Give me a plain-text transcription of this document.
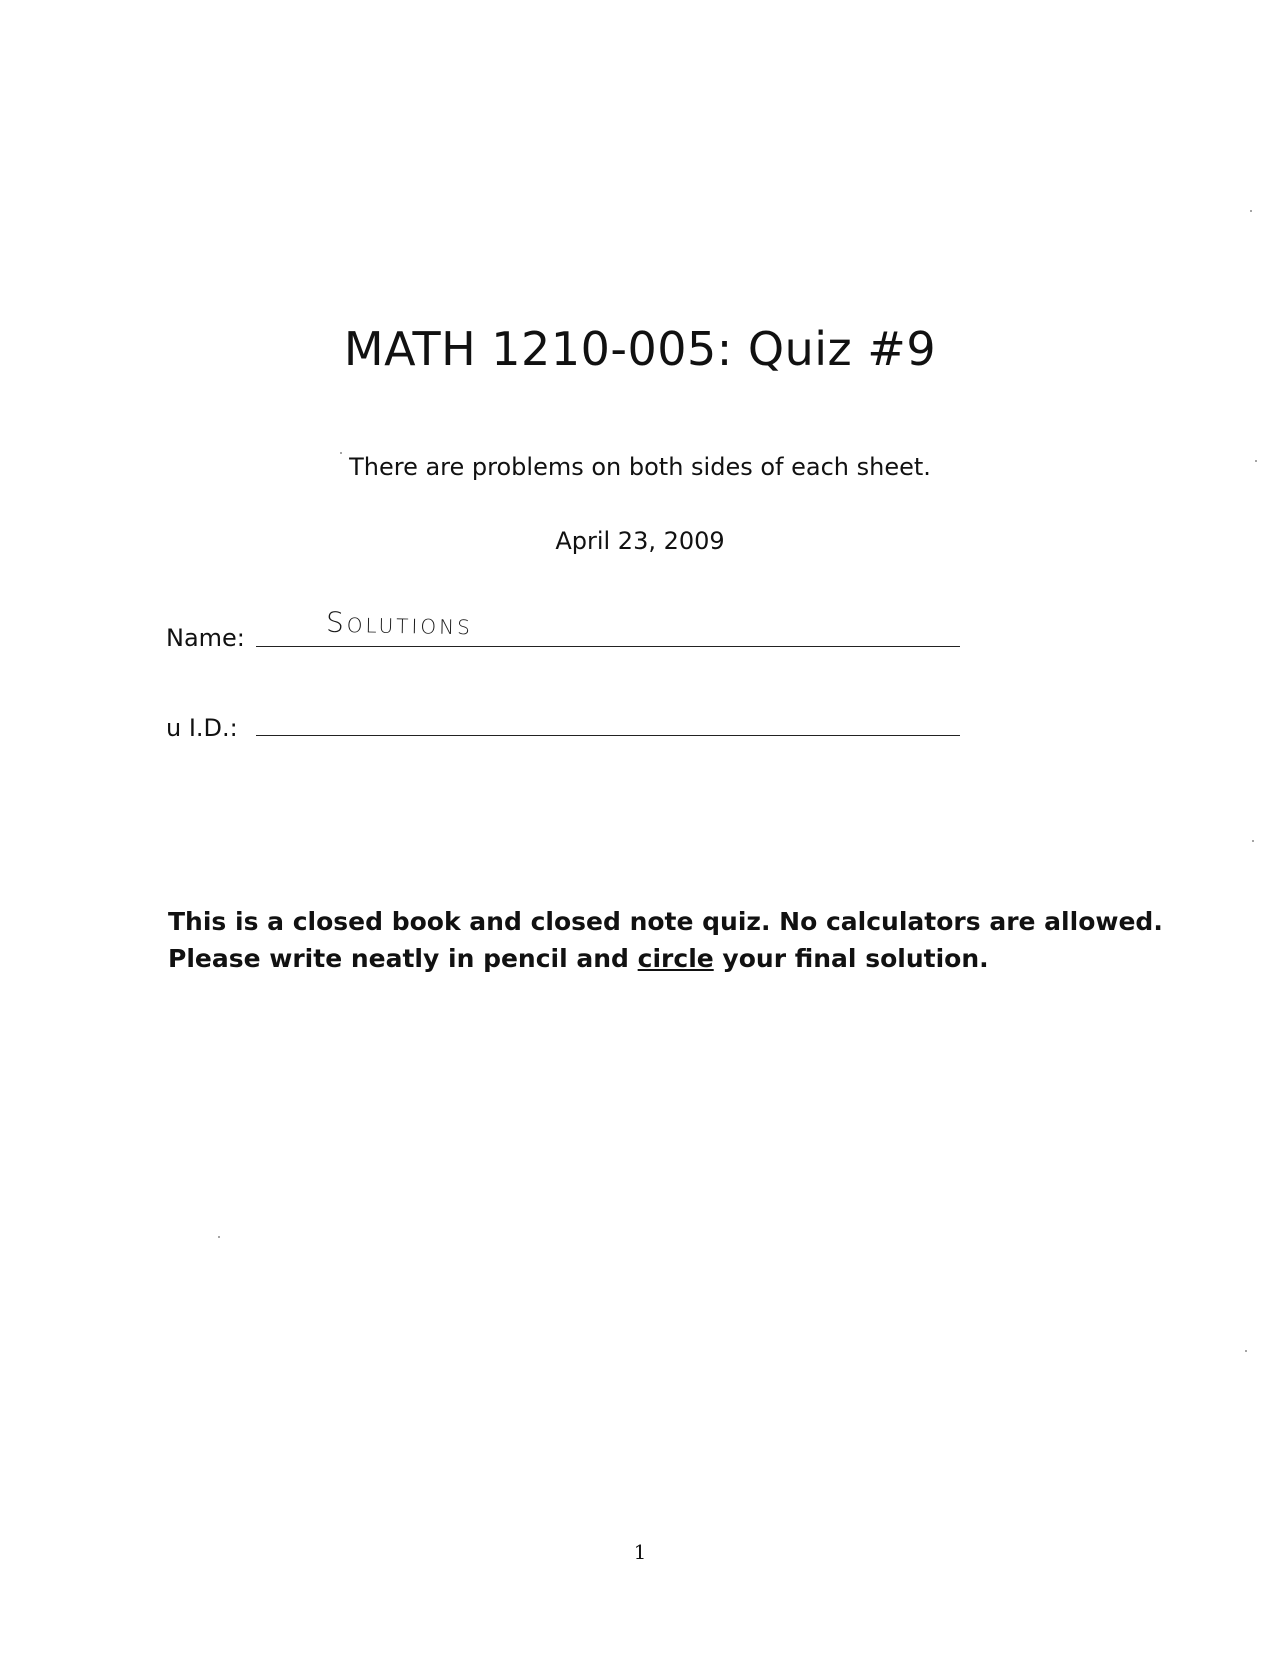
MATH 1210-005: Quiz #9
There are problems on both sides of each sheet.
April 23, 2009
Name:	Solutions
u I.D.:
This is a closed book and closed note quiz. No calculators are allowed.
Please write neatly in pencil and circle your final solution.
1
